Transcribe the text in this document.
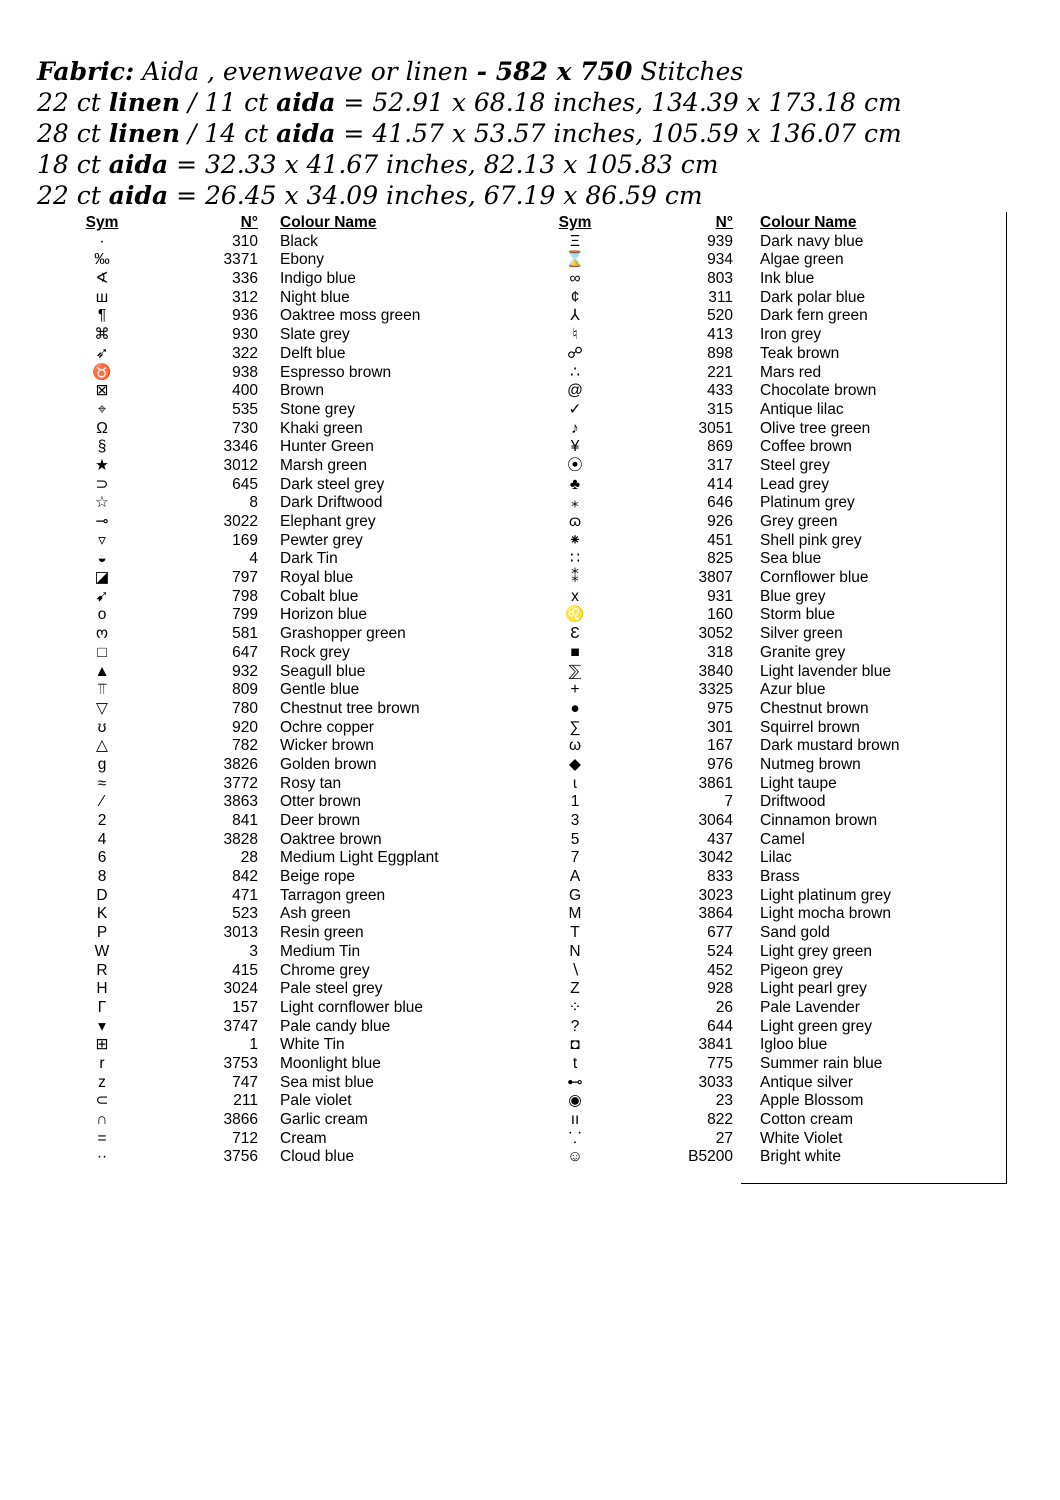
Fabric: Aida , evenweave or linen - 582 x 750 Stitches
22 ct linen / 11 ct aida = 52.91 x 68.18 inches, 134.39 x 173.18 cm
28 ct linen / 14 ct aida = 41.57 x 53.57 inches, 105.59 x 136.07 cm
18 ct aida = 32.33 x 41.67 inches, 82.13 x 105.83 cm
22 ct aida = 26.45 x 34.09 inches, 67.19 x 86.59 cm
Sym	N° Colour Name
·	310 Black
‰	3371 Ebony
∢	336 Indigo blue
ш	312 Night blue
¶	936 Oaktree moss green
⌘	930 Slate grey
➶	322 Delft blue
♉	938 Espresso brown
⊠	400 Brown
⌖	535 Stone grey
Ω	730 Khaki green
§	3346 Hunter Green
★	3012 Marsh green
⊃	645 Dark steel grey
☆	8 Dark Driftwood
⊸	3022 Elephant grey
▿	169 Pewter grey
◒	4 Dark Tin
◪	797 Royal blue
➹	798 Cobalt blue
o	799 Horizon blue
ო	581 Grashopper green
□	647 Rock grey
▲	932 Seagull blue
⫪	809 Gentle blue
▽	780 Chestnut tree brown
ʊ	920 Ochre copper
△	782 Wicker brown
g	3826 Golden brown
≈	3772 Rosy tan
⁄	3863 Otter brown
2	841 Deer brown
4	3828 Oaktree brown
6	28 Medium Light Eggplant
8	842 Beige rope
D	471 Tarragon green
K	523 Ash green
P	3013 Resin green
W	3 Medium Tin
R	415 Chrome grey
H	3024 Pale steel grey
Γ	157 Light cornflower blue
▾	3747 Pale candy blue
⊞	1 White Tin
r	3753 Moonlight blue
z	747 Sea mist blue
⊂	211 Pale violet
∩	3866 Garlic cream
=	712 Cream
··	3756 Cloud blue
Sym	N° Colour Name
Ξ	939 Dark navy blue
⌛	934 Algae green
∞	803 Ink blue
¢	311 Dark polar blue
⅄	520 Dark fern green
♮	413 Iron grey
☍	898 Teak brown
∴	221 Mars red
@	433 Chocolate brown
✓	315 Antique lilac
♪	3051 Olive tree green
¥	869 Coffee brown
⦿	317 Steel grey
♣	414 Lead grey
⁎	646 Platinum grey
ɷ	926 Grey green
⁕	451 Shell pink grey
∷	825 Sea blue
⁑	3807 Cornflower blue
x	931 Blue grey
♌	160 Storm blue
Ɛ	3052 Silver green
■	318 Granite grey
⅀	3840 Light lavender blue
+	3325 Azur blue
●	975 Chestnut brown
∑	301 Squirrel brown
ω	167 Dark mustard brown
◆	976 Nutmeg brown
ɩ	3861 Light taupe
1	7 Driftwood
3	3064 Cinnamon brown
5	437 Camel
7	3042 Lilac
A	833 Brass
G	3023 Light platinum grey
M	3864 Light mocha brown
T	677 Sand gold
N	524 Light grey green
∖	452 Pigeon grey
Z	928 Light pearl grey
⁘	26 Pale Lavender
?	644 Light green grey
◘	3841 Igloo blue
t	775 Summer rain blue
⊷	3033 Antique silver
◉	23 Apple Blossom
ıı	822 Cotton cream
⸪	27 White Violet
☺	B5200 Bright white
